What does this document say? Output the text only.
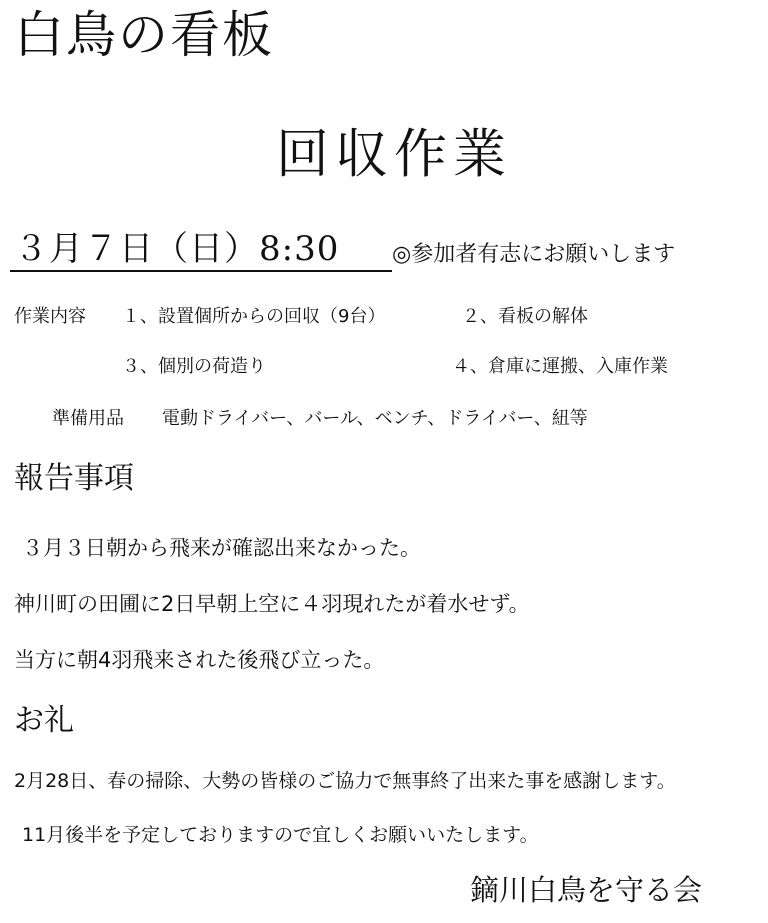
白鳥の看板
回収作業
３月７日（日）8:30 ◎参加者有志にお願いします
作業内容 １、設置個所からの回収（9台）	２、看板の解体
３、個別の荷造り	４、倉庫に運搬、入庫作業
準備用品 電動ドライバー、バール、ベンチ、ドライバー、紐等
報告事項

３月３日朝から飛来が確認出来なかった。

神川町の田圃に2日早朝上空に４羽現れたが着水せず。

当方に朝4羽飛来された後飛び立った。

お礼

2月28日、春の掃除、大勢の皆様のご協力で無事終了出来た事を感謝します。

11月後半を予定しておりますので宜しくお願いいたします。

鏑川白鳥を守る会
